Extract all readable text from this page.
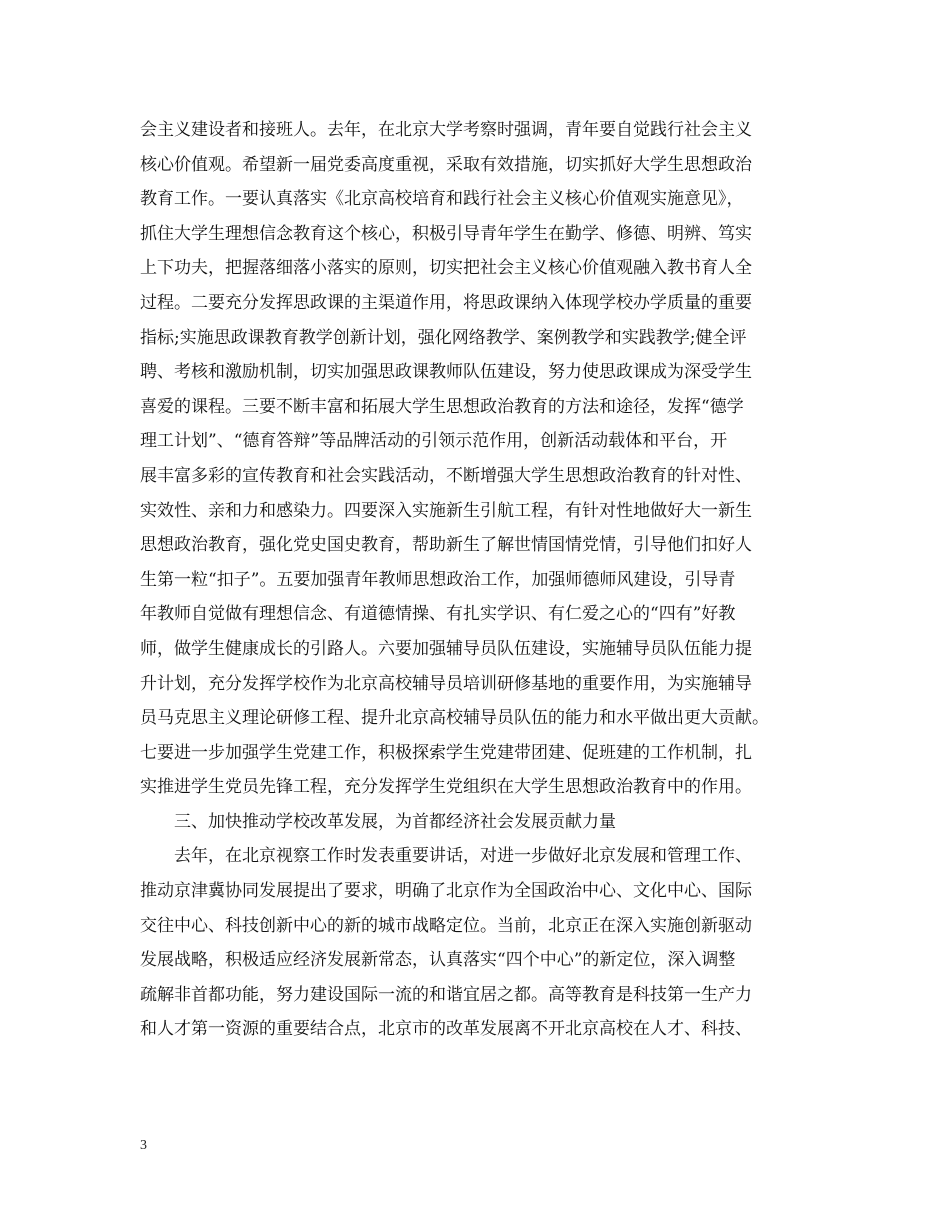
会主义建设者和接班人。去年，在北京大学考察时强调，青年要自觉践行社会主义
核心价值观。希望新一届党委高度重视，采取有效措施，切实抓好大学生思想政治
教育工作。一要认真落实《北京高校培育和践行社会主义核心价值观实施意见》，
抓住大学生理想信念教育这个核心，积极引导青年学生在勤学、修德、明辨、笃实
上下功夫，把握落细落小落实的原则，切实把社会主义核心价值观融入教书育人全
过程。二要充分发挥思政课的主渠道作用，将思政课纳入体现学校办学质量的重要
指标;实施思政课教育教学创新计划，强化网络教学、案例教学和实践教学;健全评
聘、考核和激励机制，切实加强思政课教师队伍建设，努力使思政课成为深受学生
喜爱的课程。三要不断丰富和拓展大学生思想政治教育的方法和途径，发挥“德学
理工计划”、“德育答辩”等品牌活动的引领示范作用，创新活动载体和平台，开
展丰富多彩的宣传教育和社会实践活动，不断增强大学生思想政治教育的针对性、
实效性、亲和力和感染力。四要深入实施新生引航工程，有针对性地做好大一新生
思想政治教育，强化党史国史教育，帮助新生了解世情国情党情，引导他们扣好人
生第一粒“扣子”。五要加强青年教师思想政治工作，加强师德师风建设，引导青
年教师自觉做有理想信念、有道德情操、有扎实学识、有仁爱之心的“四有”好教
师，做学生健康成长的引路人。六要加强辅导员队伍建设，实施辅导员队伍能力提
升计划，充分发挥学校作为北京高校辅导员培训研修基地的重要作用，为实施辅导
员马克思主义理论研修工程、提升北京高校辅导员队伍的能力和水平做出更大贡献。
七要进一步加强学生党建工作，积极探索学生党建带团建、促班建的工作机制，扎
实推进学生党员先锋工程，充分发挥学生党组织在大学生思想政治教育中的作用。
三、加快推动学校改革发展，为首都经济社会发展贡献力量
去年，在北京视察工作时发表重要讲话，对进一步做好北京发展和管理工作、
推动京津冀协同发展提出了要求，明确了北京作为全国政治中心、文化中心、国际
交往中心、科技创新中心的新的城市战略定位。当前，北京正在深入实施创新驱动
发展战略，积极适应经济发展新常态，认真落实“四个中心”的新定位，深入调整
疏解非首都功能，努力建设国际一流的和谐宜居之都。高等教育是科技第一生产力
和人才第一资源的重要结合点，北京市的改革发展离不开北京高校在人才、科技、
3
